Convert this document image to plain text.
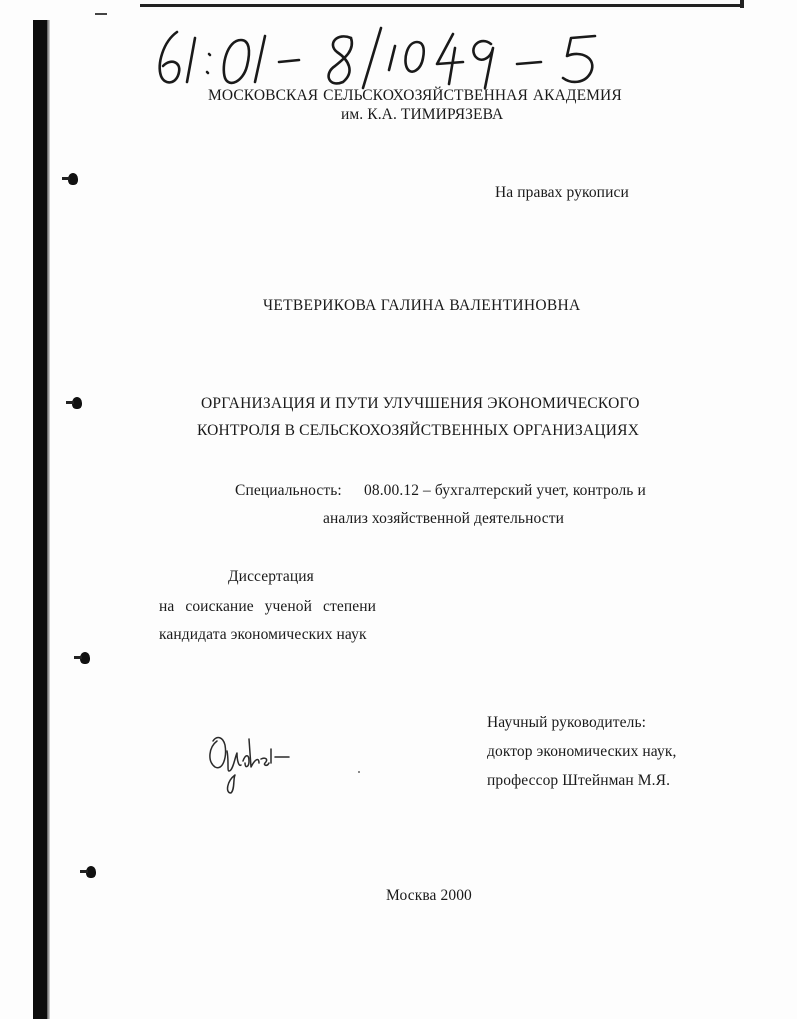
МОСКОВСКАЯ СЕЛЬСКОХОЗЯЙСТВЕННАЯ АКАДЕМИЯ
им. К.А. ТИМИРЯЗЕВА
На правах рукописи
ЧЕТВЕРИКОВА ГАЛИНА ВАЛЕНТИНОВНА
ОРГАНИЗАЦИЯ И ПУТИ УЛУЧШЕНИЯ ЭКОНОМИЧЕСКОГО
КОНТРОЛЯ В СЕЛЬСКОХОЗЯЙСТВЕННЫХ ОРГАНИЗАЦИЯХ
Специальность: 08.00.12 – бухгалтерский учет, контроль и
анализ хозяйственной деятельности
Диссертация
на соискание ученой степени
кандидата экономических наук
Научный руководитель:
доктор экономических наук,
профессор Штейнман М.Я.
Москва 2000
